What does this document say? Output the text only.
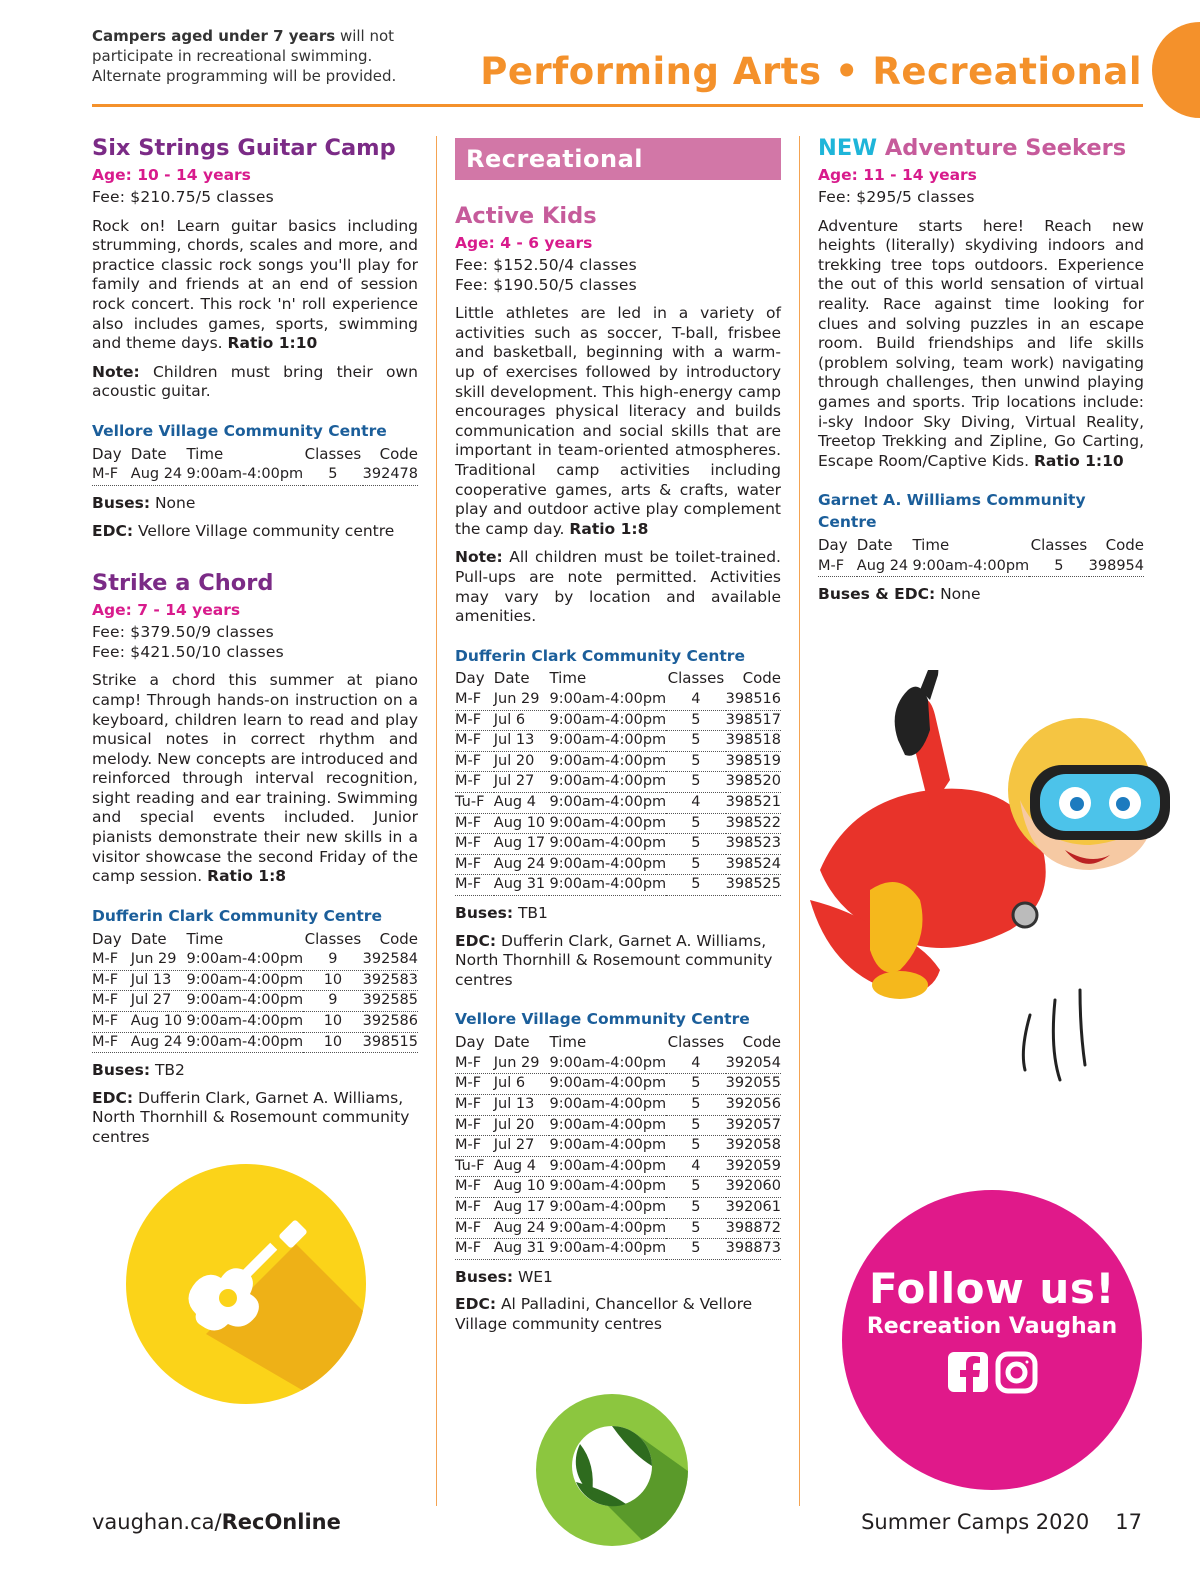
Campers aged under 7 years will not participate in recreational swimming. Alternate programming will be provided.	Performing Arts • Recreational
Six Strings Guitar Camp
Age: 10 - 14 years
Fee: $210.75/5 classes
Rock on! Learn guitar basics including strumming, chords, scales and more, and practice classic rock songs you'll play for family and friends at an end of session rock concert. This rock 'n' roll experience also includes games, sports, swimming and theme days. Ratio 1:10
Note: Children must bring their own acoustic guitar.
Vellore Village Community Centre
Day	Date	Time	Classes	Code
M-F	Aug 24	9:00am-4:00pm	5	392478
Buses: None
EDC: Vellore Village community centre
Strike a Chord
Age: 7 - 14 years
Fee: $379.50/9 classes
Fee: $421.50/10 classes
Strike a chord this summer at piano camp! Through hands-on instruction on a keyboard, children learn to read and play musical notes in correct rhythm and melody. New concepts are introduced and reinforced through interval recognition, sight reading and ear training. Swimming and special events included. Junior pianists demonstrate their new skills in a visitor showcase the second Friday of the camp session. Ratio 1:8
Dufferin Clark Community Centre
Day	Date	Time	Classes	Code
M-F	Jun 29	9:00am-4:00pm	9	392584
M-F	Jul 13	9:00am-4:00pm	10	392583
M-F	Jul 27	9:00am-4:00pm	9	392585
M-F	Aug 10	9:00am-4:00pm	10	392586
M-F	Aug 24	9:00am-4:00pm	10	398515
Buses: TB2
EDC: Dufferin Clark, Garnet A. Williams, North Thornhill & Rosemount community centres
Recreational
Active Kids
Age: 4 - 6 years
Fee: $152.50/4 classes
Fee: $190.50/5 classes
Little athletes are led in a variety of activities such as soccer, T-ball, frisbee and basketball, beginning with a warm-up of exercises followed by introductory skill development. This high-energy camp encourages physical literacy and builds communication and social skills that are important in team-oriented atmospheres. Traditional camp activities including cooperative games, arts & crafts, water play and outdoor active play complement the camp day. Ratio 1:8
Note: All children must be toilet-trained. Pull-ups are note permitted. Activities may vary by location and available amenities.
Dufferin Clark Community Centre
Day	Date	Time	Classes	Code
M-F	Jun 29	9:00am-4:00pm	4	398516
M-F	Jul 6	9:00am-4:00pm	5	398517
M-F	Jul 13	9:00am-4:00pm	5	398518
M-F	Jul 20	9:00am-4:00pm	5	398519
M-F	Jul 27	9:00am-4:00pm	5	398520
Tu-F	Aug 4	9:00am-4:00pm	4	398521
M-F	Aug 10	9:00am-4:00pm	5	398522
M-F	Aug 17	9:00am-4:00pm	5	398523
M-F	Aug 24	9:00am-4:00pm	5	398524
M-F	Aug 31	9:00am-4:00pm	5	398525
Buses: TB1
EDC: Dufferin Clark, Garnet A. Williams, North Thornhill & Rosemount community centres
Vellore Village Community Centre
Day	Date	Time	Classes	Code
M-F	Jun 29	9:00am-4:00pm	4	392054
M-F	Jul 6	9:00am-4:00pm	5	392055
M-F	Jul 13	9:00am-4:00pm	5	392056
M-F	Jul 20	9:00am-4:00pm	5	392057
M-F	Jul 27	9:00am-4:00pm	5	392058
Tu-F	Aug 4	9:00am-4:00pm	4	392059
M-F	Aug 10	9:00am-4:00pm	5	392060
M-F	Aug 17	9:00am-4:00pm	5	392061
M-F	Aug 24	9:00am-4:00pm	5	398872
M-F	Aug 31	9:00am-4:00pm	5	398873
Buses: WE1
EDC: Al Palladini, Chancellor & Vellore Village community centres
NEW Adventure Seekers
Age: 11 - 14 years
Fee: $295/5 classes
Adventure starts here! Reach new heights (literally) skydiving indoors and trekking tree tops outdoors. Experience the out of this world sensation of virtual reality. Race against time looking for clues and solving puzzles in an escape room. Build friendships and life skills (problem solving, team work) navigating through challenges, then unwind playing games and sports. Trip locations include: i-sky Indoor Sky Diving, Virtual Reality, Treetop Trekking and Zipline, Go Carting, Escape Room/Captive Kids. Ratio 1:10
Garnet A. Williams Community Centre
Day	Date	Time	Classes	Code
M-F	Aug 24	9:00am-4:00pm	5	398954
Buses & EDC: None
Follow us!
Recreation Vaughan
vaughan.ca/RecOnline	Summer Camps 2020 17
